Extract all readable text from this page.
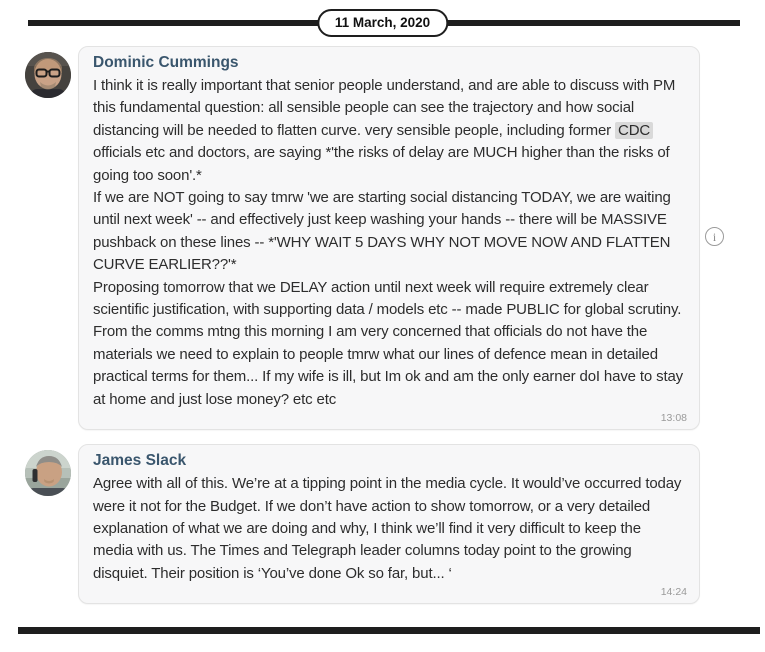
11 March, 2020
Dominic Cummings

I think it is really important that senior people understand, and are able to discuss with PM this fundamental question: all sensible people can see the trajectory and how social distancing will be needed to flatten curve. very sensible people, including former CDC officials etc and doctors, are saying *'the risks of delay are MUCH higher than the risks of going too soon'.*

If we are NOT going to say tmrw 'we are starting social distancing TODAY, we are waiting until next week' -- and effectively just keep washing your hands -- there will be MASSIVE pushback on these lines -- *'WHY WAIT 5 DAYS WHY NOT MOVE NOW AND FLATTEN CURVE EARLIER??'*

Proposing tomorrow that we DELAY action until next week will require extremely clear scientific justification, with supporting data / models etc -- made PUBLIC for global scrutiny.

From the comms mtng this morning I am very concerned that officials do not have the materials we need to explain to people tmrw what our lines of defence mean in detailed practical terms for them... If my wife is ill, but Im ok and am the only earner doI have to stay at home and just lose money? etc etc

13:08
i
James Slack

Agree with all of this. We’re at a tipping point in the media cycle. It would’ve occurred today were it not for the Budget. If we don’t have action to show tomorrow, or a very detailed explanation of what we are doing and why, I think we’ll find it very difficult to keep the media with us. The Times and Telegraph leader columns today point to the growing disquiet. Their position is ‘You’ve done Ok so far, but... ‘

14:24
